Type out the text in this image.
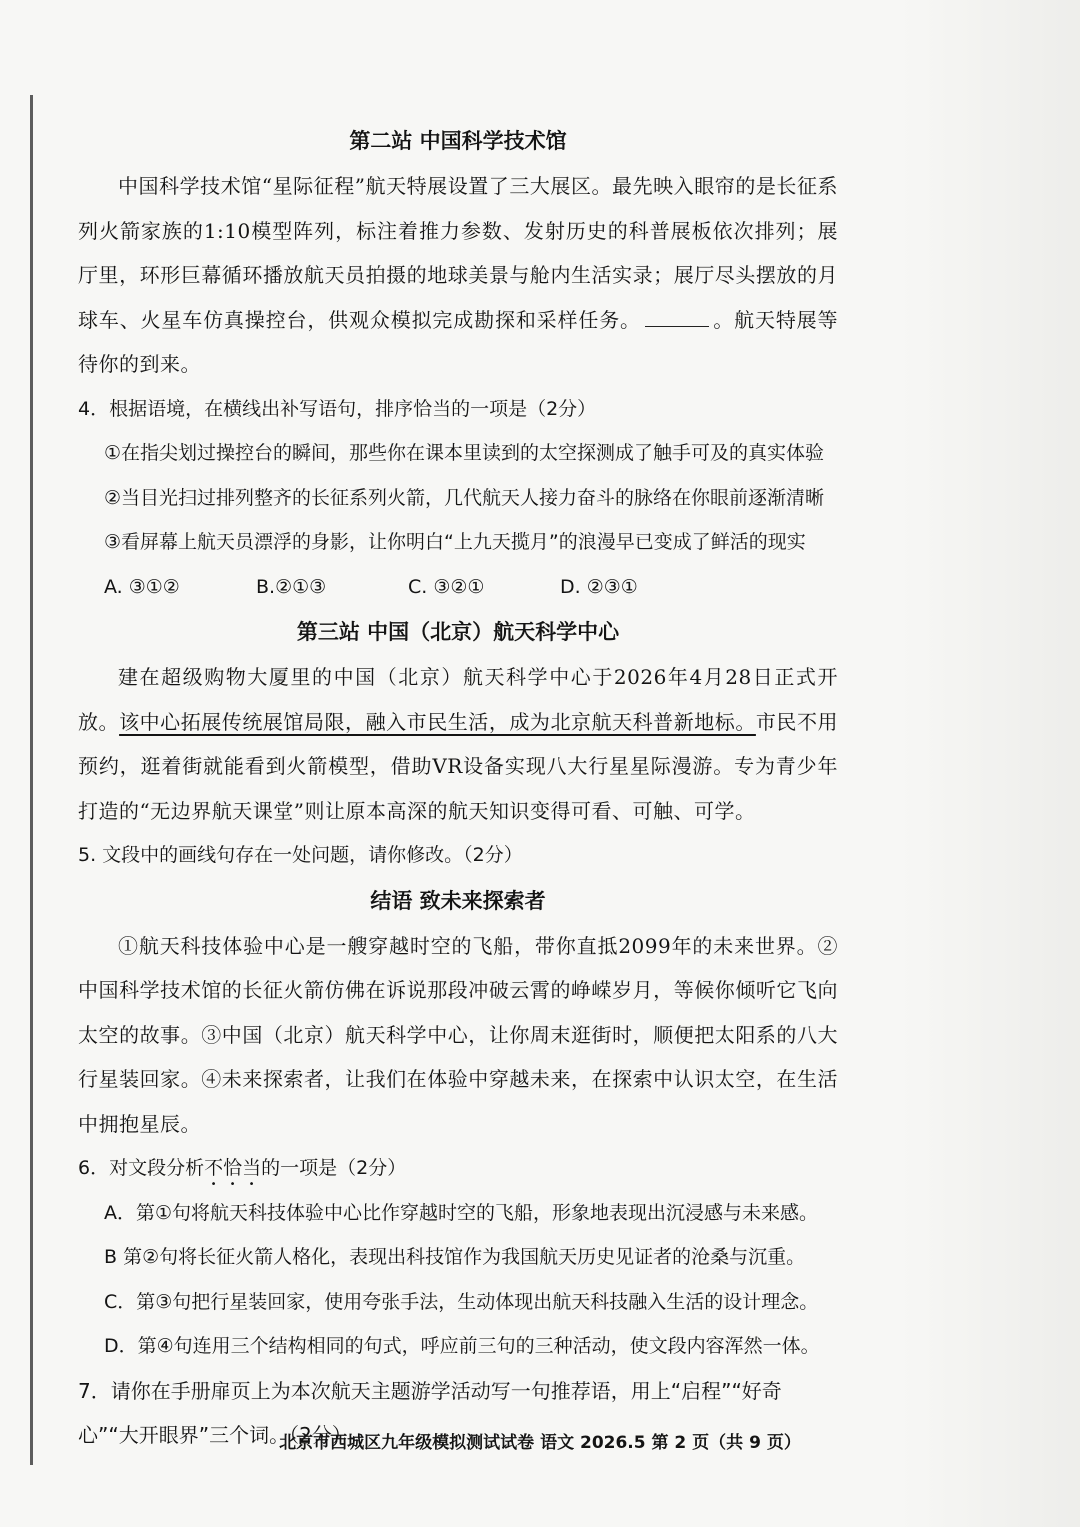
第二站 中国科学技术馆

中国科学技术馆“星际征程”航天特展设置了三大展区。最先映入眼帘的是长征系列火箭家族的1:10模型阵列，标注着推力参数、发射历史的科普展板依次排列；展厅里，环形巨幕循环播放航天员拍摄的地球美景与舱内生活实录；展厅尽头摆放的月球车、火星车仿真操控台，供观众模拟完成勘探和采样任务。	。航天特展等待你的到来。

4．根据语境，在横线出补写语句，排序恰当的一项是（2分）

①在指尖划过操控台的瞬间，那些你在课本里读到的太空探测成了触手可及的真实体验

②当目光扫过排列整齐的长征系列火箭，几代航天人接力奋斗的脉络在你眼前逐渐清晰

③看屏幕上航天员漂浮的身影，让你明白“上九天揽月”的浪漫早已变成了鲜活的现实

A. ③①②	B.②①③	C. ③②①	D. ②③①
第三站 中国（北京）航天科学中心

建在超级购物大厦里的中国（北京）航天科学中心于2026年4月28日正式开放。该中心拓展传统展馆局限，融入市民生活，成为北京航天科普新地标。市民不用预约，逛着街就能看到火箭模型，借助VR设备实现八大行星星际漫游。专为青少年打造的“无边界航天课堂”则让原本高深的航天知识变得可看、可触、可学。

5. 文段中的画线句存在一处问题，请你修改。（2分）

结语 致未来探索者

①航天科技体验中心是一艘穿越时空的飞船，带你直抵2099年的未来世界。②中国科学技术馆的长征火箭仿佛在诉说那段冲破云霄的峥嵘岁月，等候你倾听它飞向太空的故事。③中国（北京）航天科学中心，让你周末逛街时，顺便把太阳系的八大行星装回家。④未来探索者，让我们在体验中穿越未来，在探索中认识太空，在生活中拥抱星辰。

6．对文段分析不恰当的一项是（2分）

A．第①句将航天科技体验中心比作穿越时空的飞船，形象地表现出沉浸感与未来感。

B 第②句将长征火箭人格化，表现出科技馆作为我国航天历史见证者的沧桑与沉重。

C．第③句把行星装回家，使用夸张手法，生动体现出航天科技融入生活的设计理念。

D．第④句连用三个结构相同的句式，呼应前三句的三种活动，使文段内容浑然一体。

7．请你在手册扉页上为本次航天主题游学活动写一句推荐语，用上“启程”“好奇心”“大开眼界”三个词。（2分）

北京市西城区九年级模拟测试试卷 语文 2026.5 第 2 页（共 9 页）
